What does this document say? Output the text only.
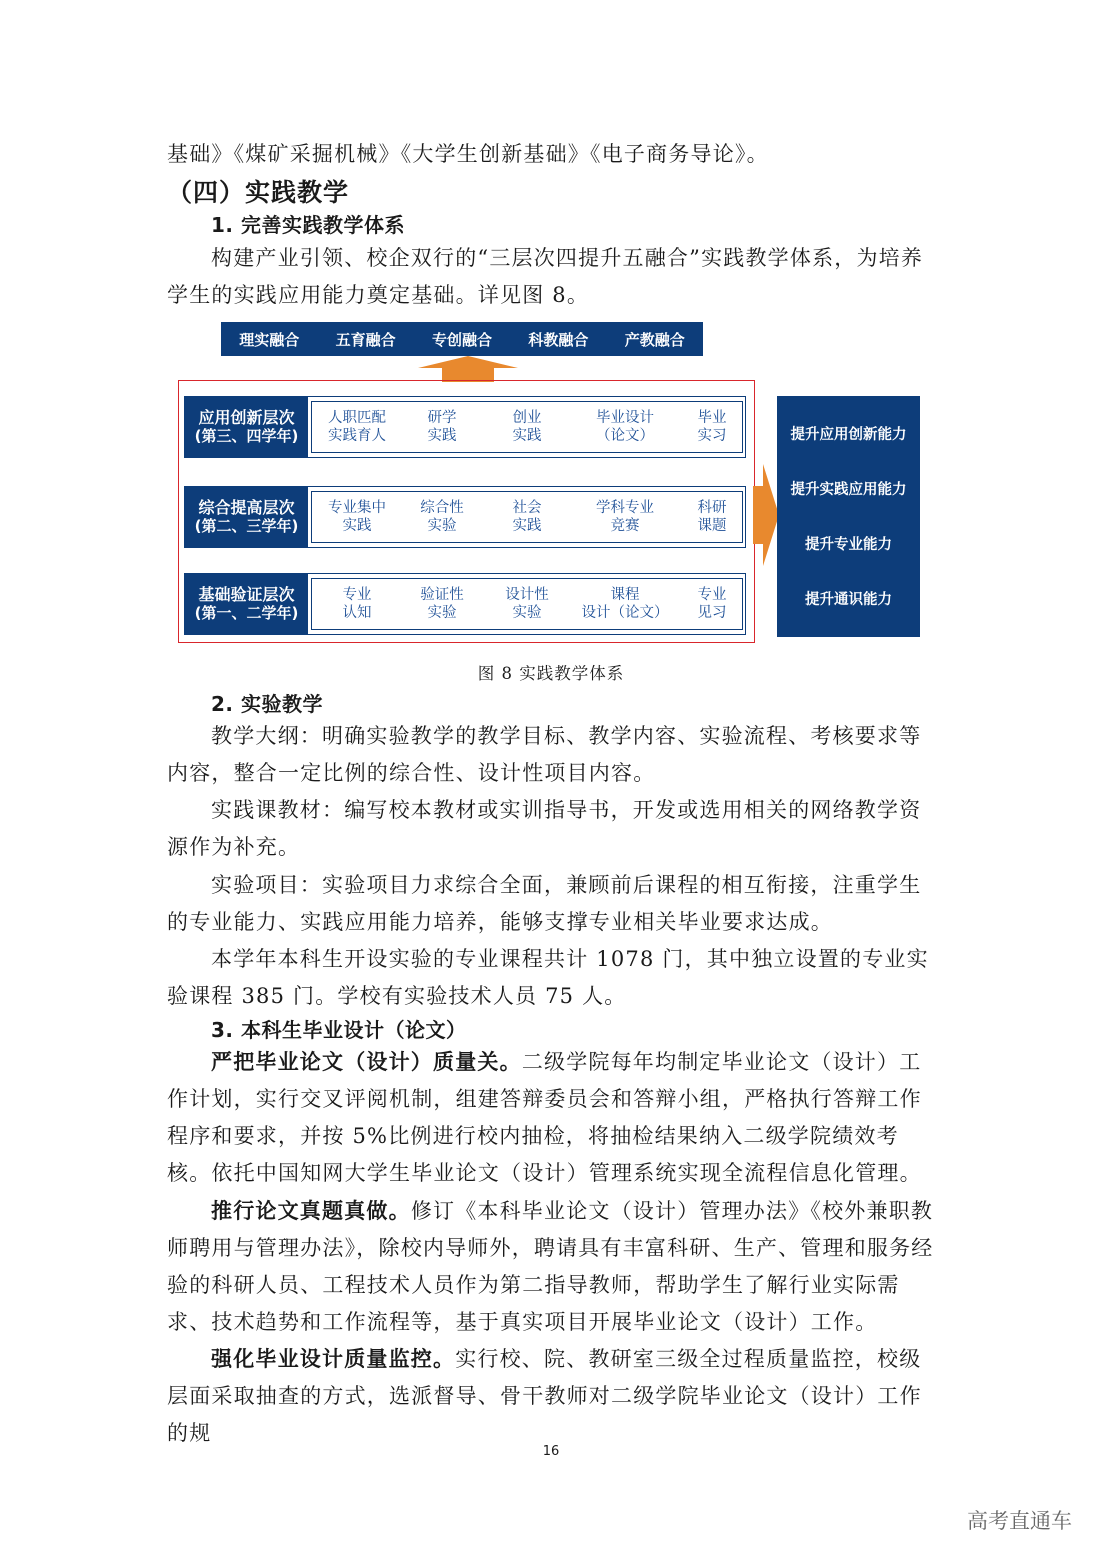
基础》《煤矿采掘机械》《大学生创新基础》《电子商务导论》。

（四）实践教学
1. 完善实践教学体系

构建产业引领、校企双行的“三层次四提升五融合”实践教学体系，为培养学生的实践应用能力奠定基础。详见图 8。

理实融合 五育融合 专创融合 科教融合 产教融合
应用创新层次
(第三、四学年)
人职匹配
实践育人
研学
实践
创业
实践
毕业设计
（论文）
毕业
实习
综合提高层次
(第二、三学年)
专业集中
实践
综合性
实验
社会
实践
学科专业
竞赛
科研
课题
基础验证层次
(第一、二学年)
专业
认知
验证性
实验
设计性
实验
课程
设计（论文）
专业
见习
提升应用创新能力
提升实践应用能力
提升专业能力
提升通识能力
图 8 实践教学体系
2. 实验教学

教学大纲：明确实验教学的教学目标、教学内容、实验流程、考核要求等内容，整合一定比例的综合性、设计性项目内容。

实践课教材：编写校本教材或实训指导书，开发或选用相关的网络教学资源作为补充。

实验项目：实验项目力求综合全面，兼顾前后课程的相互衔接，注重学生的专业能力、实践应用能力培养，能够支撑专业相关毕业要求达成。

本学年本科生开设实验的专业课程共计 1078 门，其中独立设置的专业实验课程 385 门。学校有实验技术人员 75 人。

3. 本科生毕业设计（论文）

严把毕业论文（设计）质量关。二级学院每年均制定毕业论文（设计）工作计划，实行交叉评阅机制，组建答辩委员会和答辩小组，严格执行答辩工作程序和要求，并按 5%比例进行校内抽检，将抽检结果纳入二级学院绩效考核。依托中国知网大学生毕业论文（设计）管理系统实现全流程信息化管理。

推行论文真题真做。修订《本科毕业论文（设计）管理办法》《校外兼职教师聘用与管理办法》，除校内导师外，聘请具有丰富科研、生产、管理和服务经验的科研人员、工程技术人员作为第二指导教师，帮助学生了解行业实际需求、技术趋势和工作流程等，基于真实项目开展毕业论文（设计）工作。

强化毕业设计质量监控。实行校、院、教研室三级全过程质量监控，校级层面采取抽查的方式，选派督导、骨干教师对二级学院毕业论文（设计）工作的规

16
高考直通车
